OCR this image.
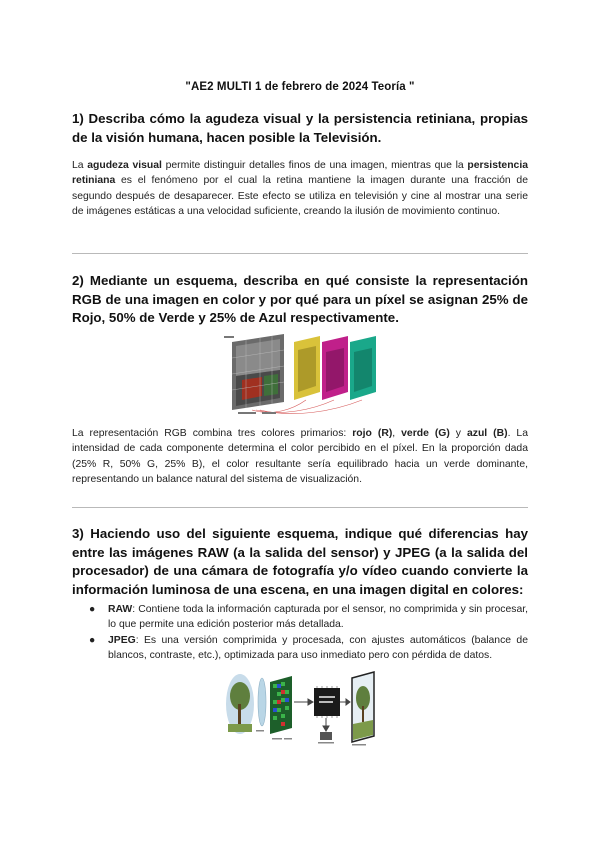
"AE2 MULTI 1 de febrero de 2024 Teoría "
1) Describa cómo la agudeza visual y la persistencia retiniana, propias de la visión humana, hacen posible la Televisión.
La agudeza visual permite distinguir detalles finos de una imagen, mientras que la persistencia retiniana es el fenómeno por el cual la retina mantiene la imagen durante una fracción de segundo después de desaparecer. Este efecto se utiliza en televisión y cine al mostrar una serie de imágenes estáticas a una velocidad suficiente, creando la ilusión de movimiento continuo.
2) Mediante un esquema, describa en qué consiste la representación RGB de una imagen en color y por qué para un píxel se asignan 25% de Rojo, 50% de Verde y 25% de Azul respectivamente.
La representación RGB combina tres colores primarios: rojo (R), verde (G) y azul (B). La intensidad de cada componente determina el color percibido en el píxel. En la proporción dada (25% R, 50% G, 25% B), el color resultante sería equilibrado hacia un verde dominante, representando un balance natural del sistema de visualización.
3) Haciendo uso del siguiente esquema, indique qué diferencias hay entre las imágenes RAW (a la salida del sensor) y JPEG (a la salida del procesador) de una cámara de fotografía y/o vídeo cuando convierte la información luminosa de una escena, en una imagen digital en colores:
● RAW: Contiene toda la información capturada por el sensor, no comprimida y sin procesar, lo que permite una edición posterior más detallada.
● JPEG: Es una versión comprimida y procesada, con ajustes automáticos (balance de blancos, contraste, etc.), optimizada para uso inmediato pero con pérdida de datos.
